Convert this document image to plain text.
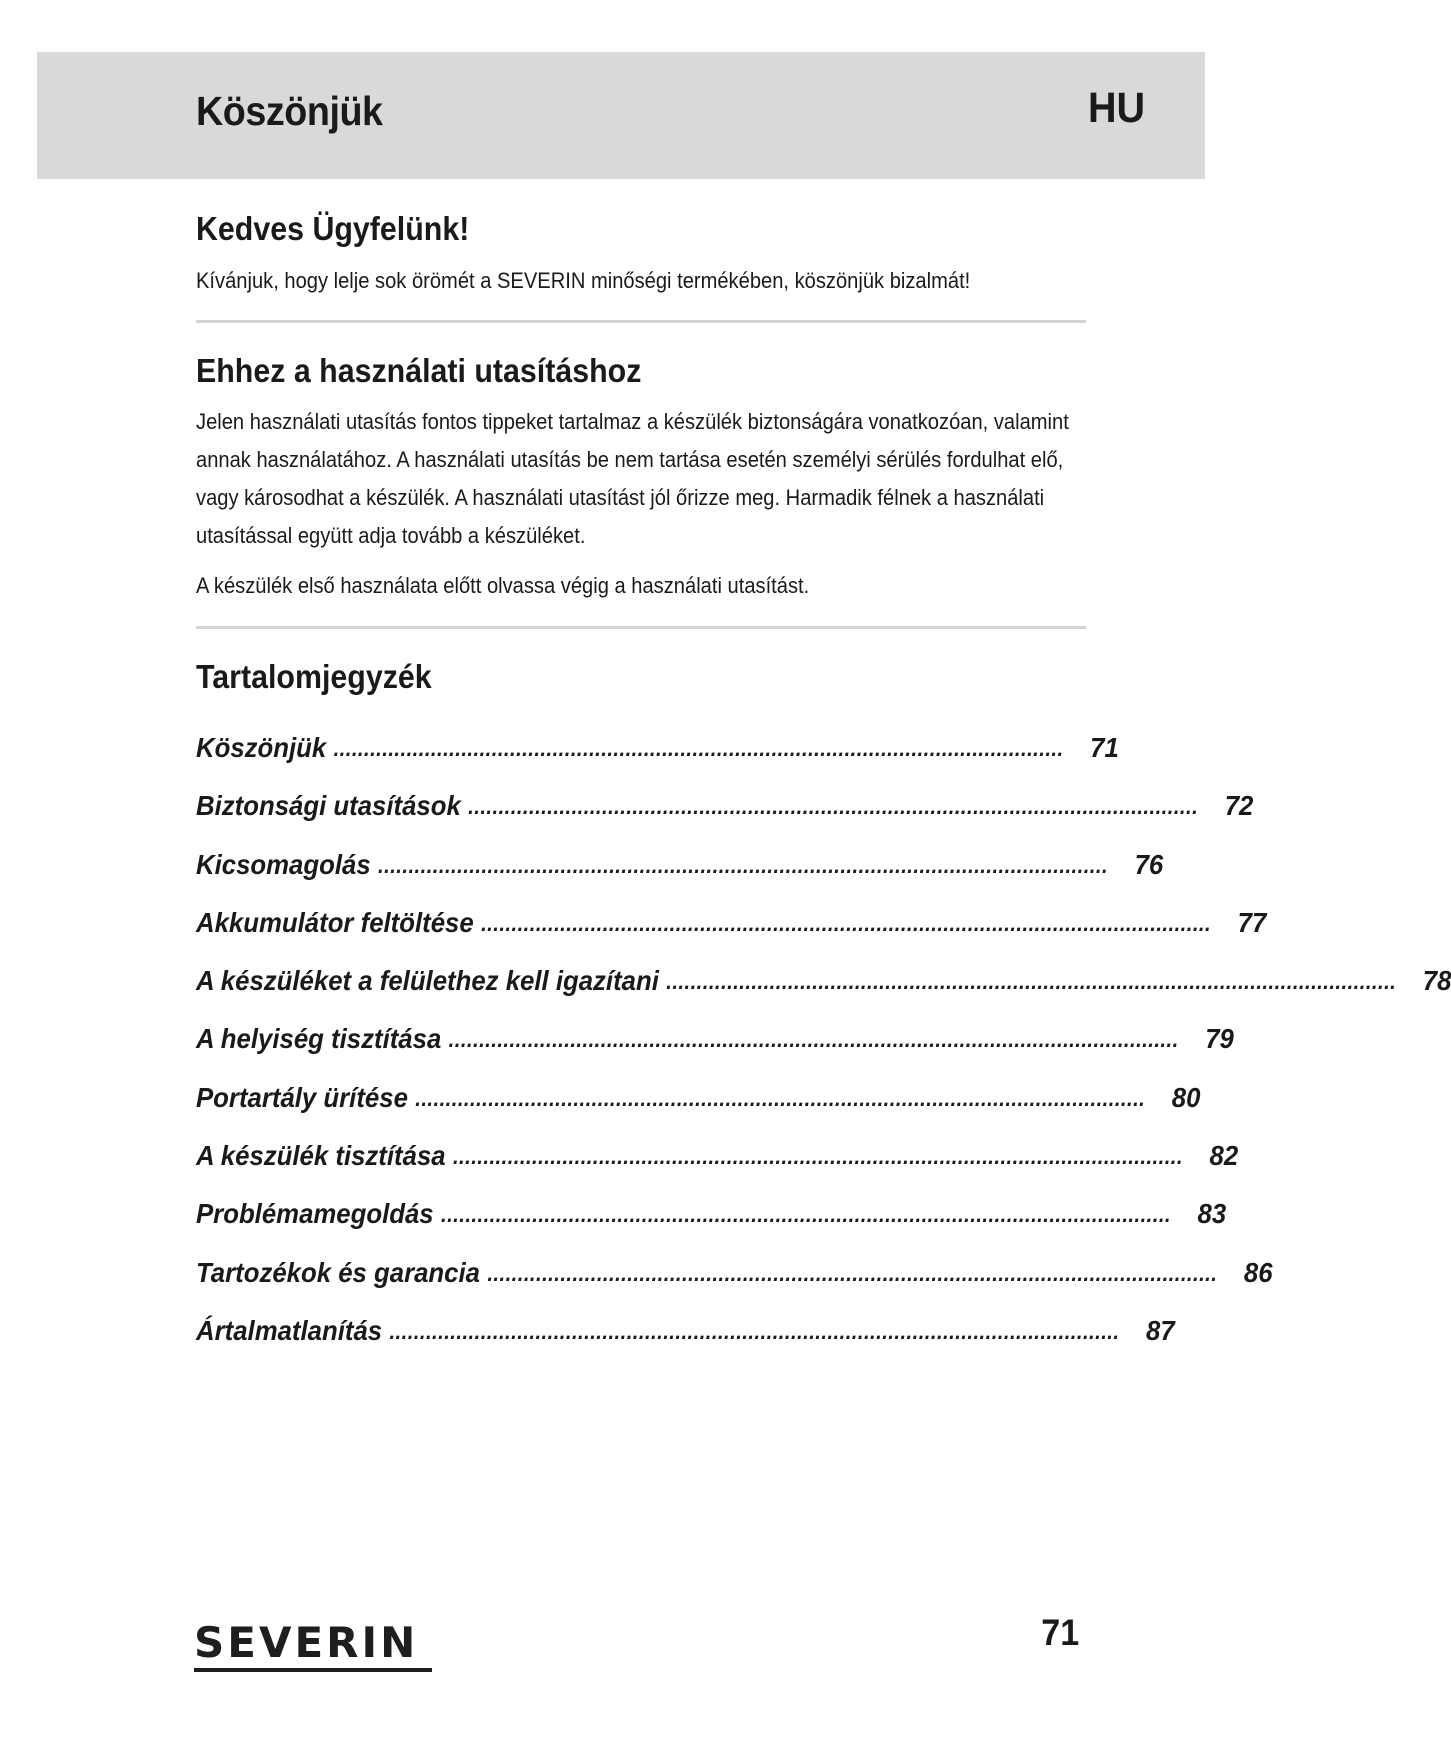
Köszönjük	HU
Kedves Ügyfelünk!
Kívánjuk, hogy lelje sok örömét a SEVERIN minőségi termékében, köszönjük bizalmát!
Ehhez a használati utasításhoz
Jelen használati utasítás fontos tippeket tartalmaz a készülék biztonságára vonatkozóan, valamint annak használatához. A használati utasítás be nem tartása esetén személyi sérülés fordulhat elő, vagy károsodhat a készülék. A használati utasítást jól őrizze meg. Harmadik félnek a használati utasítással együtt adja tovább a készüléket.
A készülék első használata előtt olvassa végig a használati utasítást.
Tartalomjegyzék
Köszönjük ........................................................................................................................ 71
Biztonsági utasítások ........................................................................................................................ 72
Kicsomagolás ........................................................................................................................ 76
Akkumulátor feltöltése ........................................................................................................................ 77
A készüléket a felülethez kell igazítani ........................................................................................................................ 78
A helyiség tisztítása ........................................................................................................................ 79
Portartály ürítése ........................................................................................................................ 80
A készülék tisztítása ........................................................................................................................ 82
Problémamegoldás ........................................................................................................................ 83
Tartozékok és garancia ........................................................................................................................ 86
Ártalmatlanítás ........................................................................................................................ 87
SEVERIN	71
